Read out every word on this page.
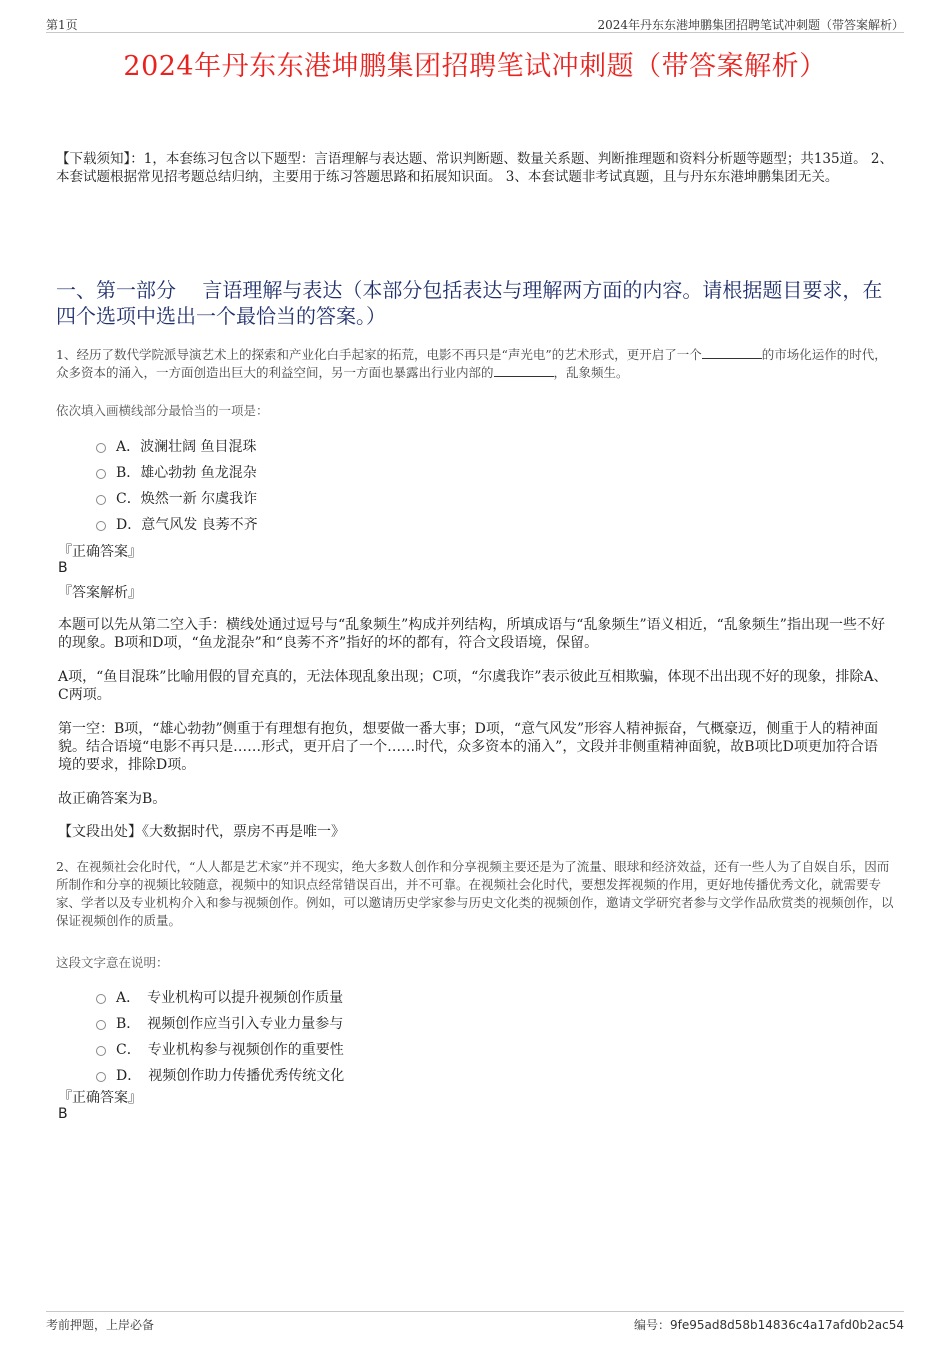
第1页	2024年丹东东港坤鹏集团招聘笔试冲刺题（带答案解析）
2024年丹东东港坤鹏集团招聘笔试冲刺题（带答案解析）
【下载须知】：1，本套练习包含以下题型：言语理解与表达题、常识判断题、数量关系题、判断推理题和资料分析题等题型；共135道。 2、本套试题根据常见招考题总结归纳，主要用于练习答题思路和拓展知识面。 3、本套试题非考试真题，且与丹东东港坤鹏集团无关。
一、第一部分　 言语理解与表达（本部分包括表达与理解两方面的内容。请根据题目要求，在四个选项中选出一个最恰当的答案。）
1、经历了数代学院派导演艺术上的探索和产业化白手起家的拓荒，电影不再只是“声光电”的艺术形式，更开启了一个	的市场化运作的时代，众多资本的涌入，一方面创造出巨大的利益空间，另一方面也暴露出行业内部的	，乱象频生。
依次填入画横线部分最恰当的一项是：
A．波澜壮阔 鱼目混珠
B．雄心勃勃 鱼龙混杂
C．焕然一新 尔虞我诈
D．意气风发 良莠不齐
『正确答案』
B
『答案解析』
本题可以先从第二空入手：横线处通过逗号与“乱象频生”构成并列结构，所填成语与“乱象频生”语义相近，“乱象频生”指出现一些不好的现象。B项和D项，“鱼龙混杂”和“良莠不齐”指好的坏的都有，符合文段语境，保留。
A项，“鱼目混珠”比喻用假的冒充真的，无法体现乱象出现；C项，“尔虞我诈”表示彼此互相欺骗，体现不出出现不好的现象，排除A、C两项。
第一空：B项，“雄心勃勃”侧重于有理想有抱负，想要做一番大事；D项，“意气风发”形容人精神振奋，气概豪迈，侧重于人的精神面貌。结合语境“电影不再只是……形式，更开启了一个……时代，众多资本的涌入”，文段并非侧重精神面貌，故B项比D项更加符合语境的要求，排除D项。
故正确答案为B。
【文段出处】《大数据时代，票房不再是唯一》
2、在视频社会化时代，“人人都是艺术家”并不现实，绝大多数人创作和分享视频主要还是为了流量、眼球和经济效益，还有一些人为了自娱自乐，因而所制作和分享的视频比较随意，视频中的知识点经常错误百出，并不可靠。在视频社会化时代，要想发挥视频的作用，更好地传播优秀文化，就需要专家、学者以及专业机构介入和参与视频创作。例如，可以邀请历史学家参与历史文化类的视频创作，邀请文学研究者参与文学作品欣赏类的视频创作，以保证视频创作的质量。
这段文字意在说明：
A．　专业机构可以提升视频创作质量
B．　视频创作应当引入专业力量参与
C．　专业机构参与视频创作的重要性
D．　视频创作助力传播优秀传统文化
『正确答案』
B
考前押题，上岸必备	编号：9fe95ad8d58b14836c4a17afd0b2ac54
